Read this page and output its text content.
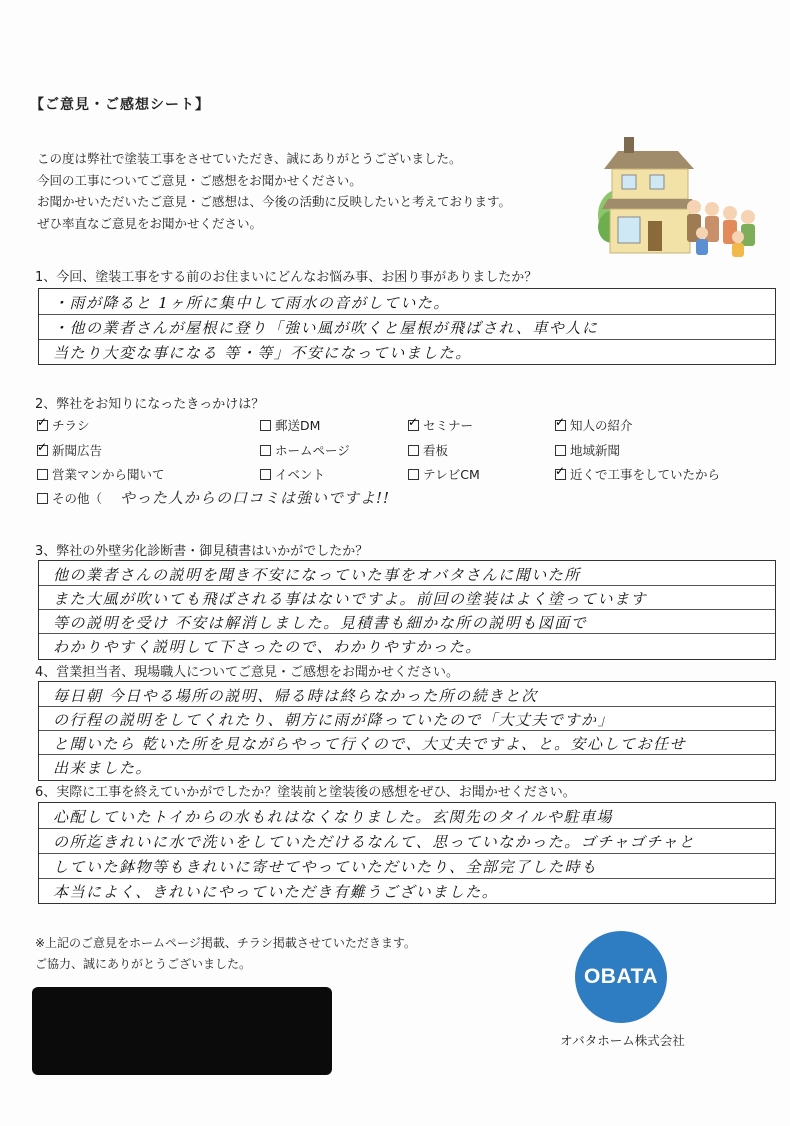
【ご意見・ご感想シート】
この度は弊社で塗装工事をさせていただき、誠にありがとうございました。
今回の工事についてご意見・ご感想をお聞かせください。
お聞かせいただいたご意見・ご感想は、今後の活動に反映したいと考えております。
ぜひ率直なご意見をお聞かせください。
1、今回、塗装工事をする前のお住まいにどんなお悩み事、お困り事がありましたか？
・雨が降ると 1ヶ所に集中して雨水の音がしていた。
・他の業者さんが屋根に登り「強い風が吹くと屋根が飛ばされ、車や人に
当たり大変な事になる 等・等」不安になっていました。
2、弊社をお知りになったきっかけは？
✓
チラシ	郵送DM ✓	セミナー ✓	知人の紹介
✓
新聞広告	ホームページ	看板	地域新聞
営業マンから聞いて	イベント	テレビCM ✓	近くで工事をしていたから
その他（ やった人からの口コミは強いですよ!!
3、弊社の外壁劣化診断書・御見積書はいかがでしたか？
他の業者さんの説明を聞き不安になっていた事をオバタさんに聞いた所
また大風が吹いても飛ばされる事はないですよ。前回の塗装はよく塗っています
等の説明を受け 不安は解消しました。見積書も細かな所の説明も図面で
わかりやすく説明して下さったので、わかりやすかった。
4、営業担当者、現場職人についてご意見・ご感想をお聞かせください。
毎日朝 今日やる場所の説明、帰る時は終らなかった所の続きと次
の行程の説明をしてくれたり、朝方に雨が降っていたので「大丈夫ですか」
と聞いたら 乾いた所を見ながらやって行くので、大丈夫ですよ、と。安心してお任せ
出来ました。
6、実際に工事を終えていかがでしたか？塗装前と塗装後の感想をぜひ、お聞かせください。
心配していたトイからの水もれはなくなりました。玄関先のタイルや駐車場
の所迄きれいに水で洗いをしていただけるなんて、思っていなかった。ゴチャゴチャと
していた鉢物等もきれいに寄せてやっていただいたり、全部完了した時も
本当によく、きれいにやっていただき有難うございました。
※上記のご意見をホームページ掲載、チラシ掲載させていただきます。
ご協力、誠にありがとうございました。
OBATA
オバタホーム株式会社
